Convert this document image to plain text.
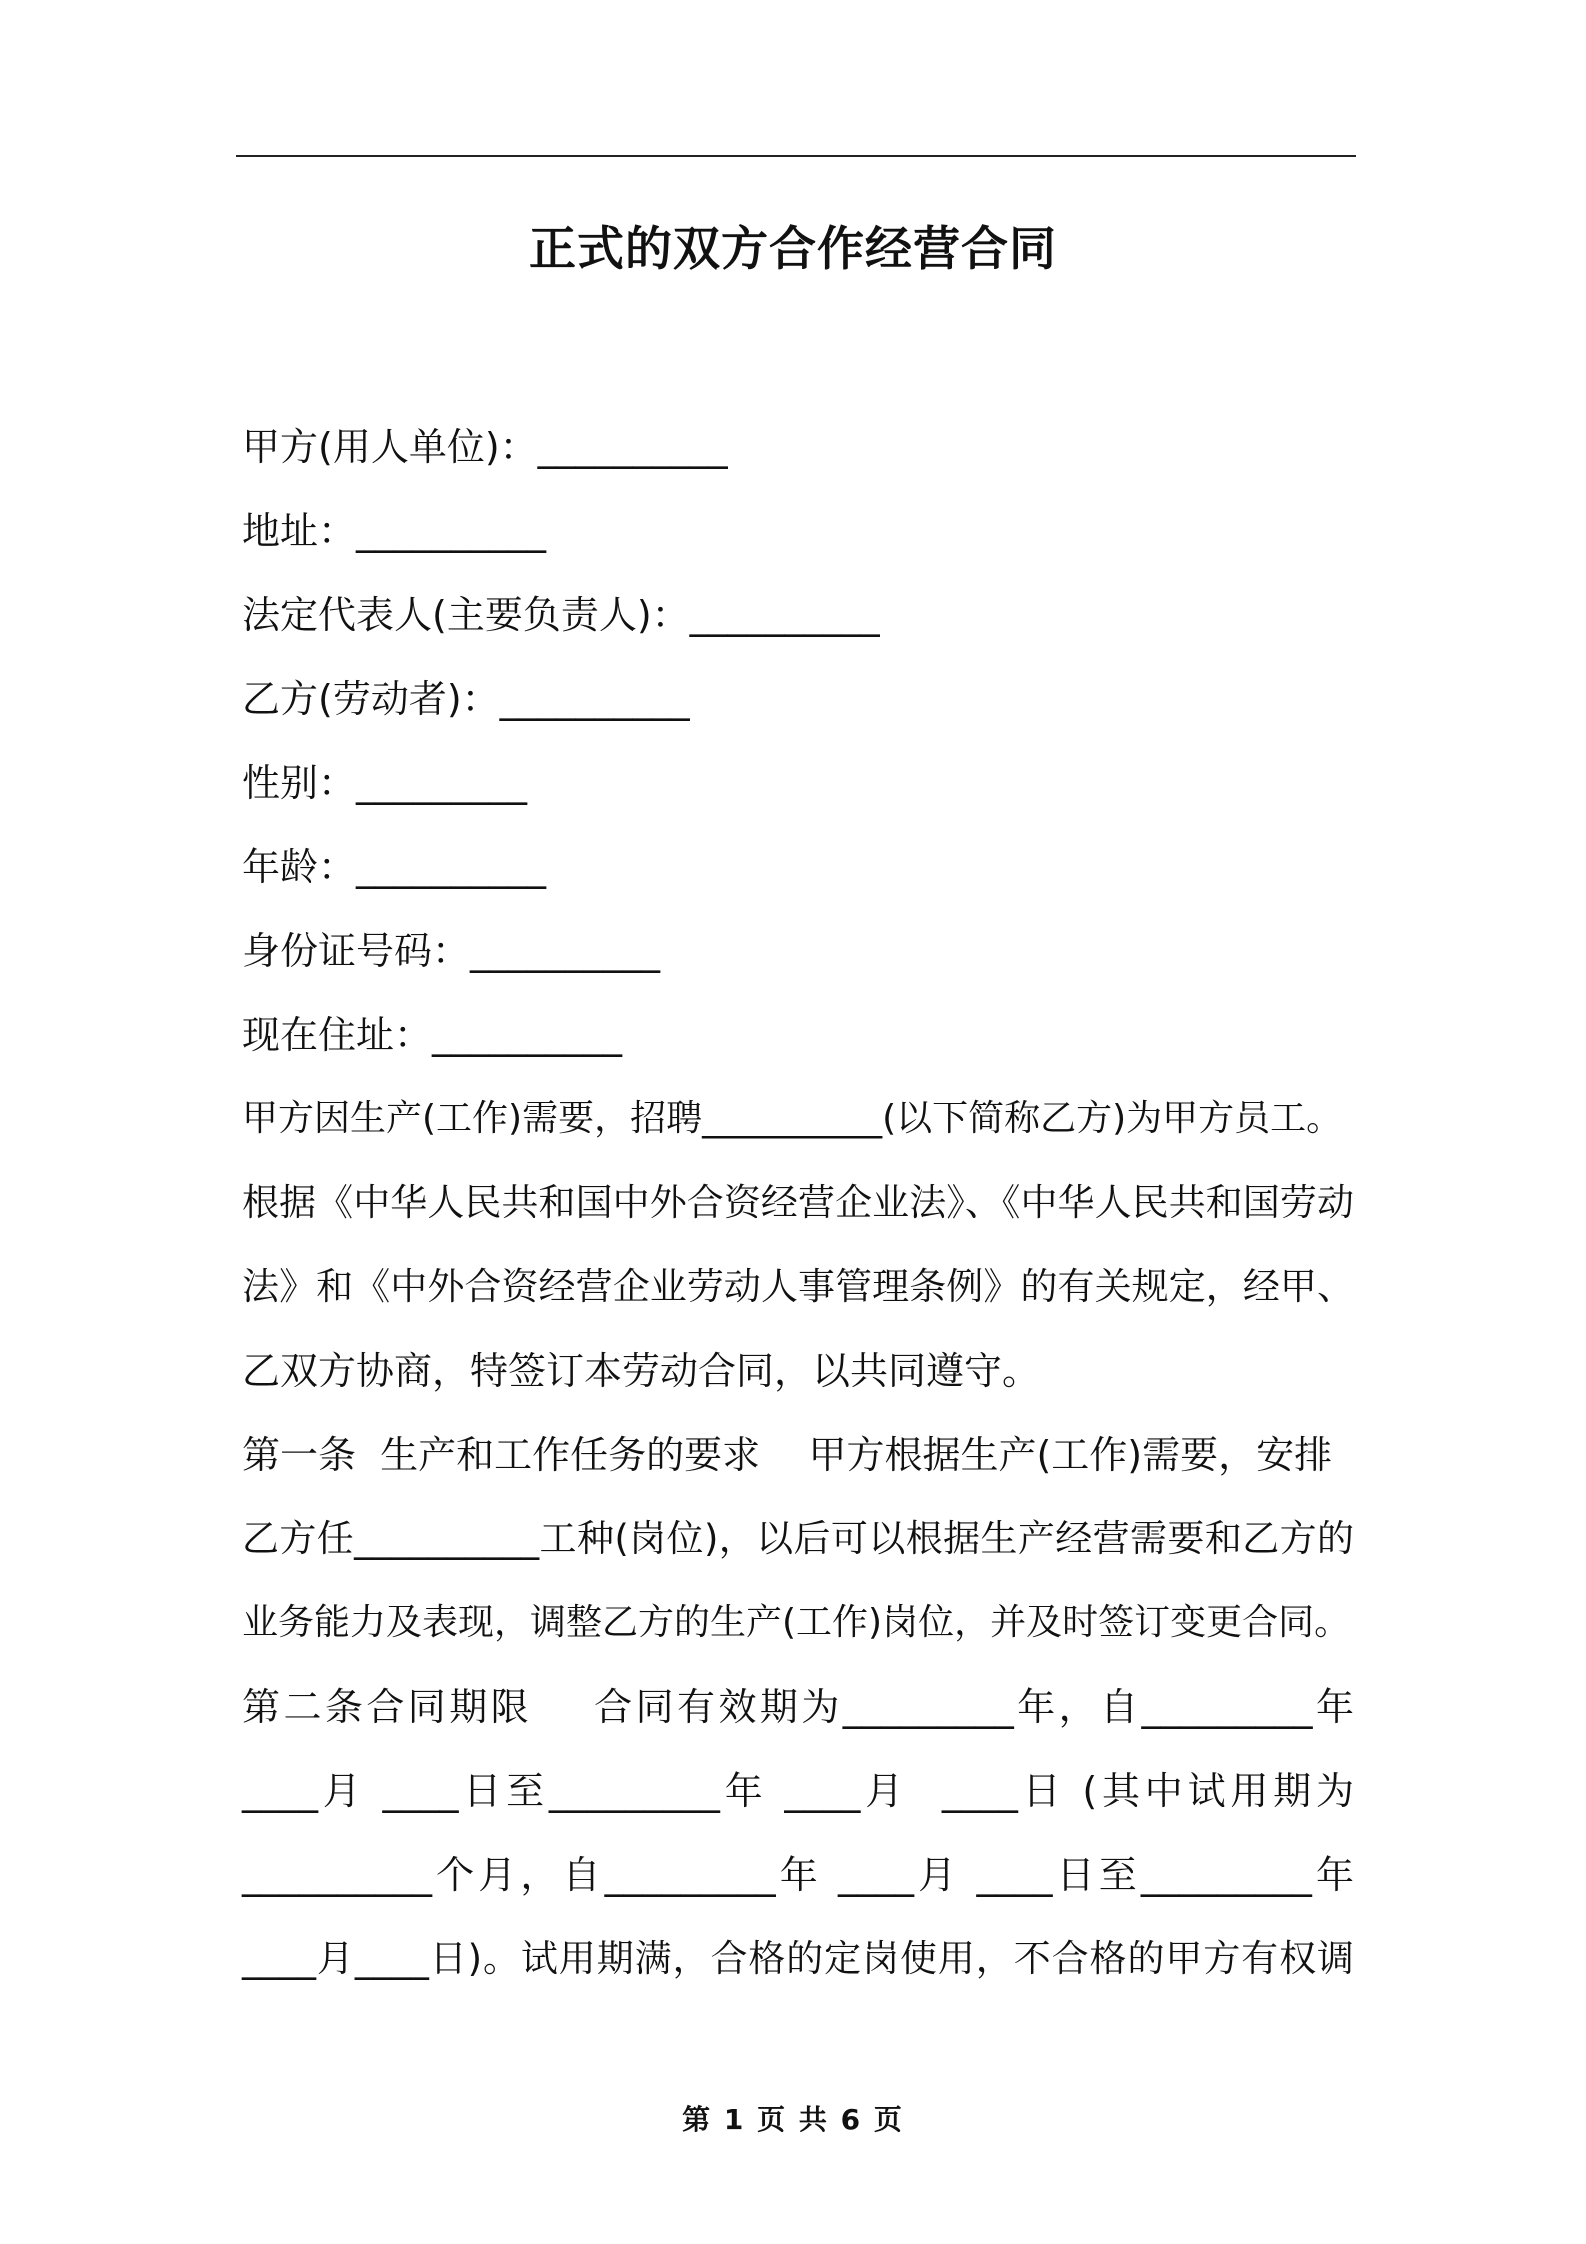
正式的双方合作经营合同
甲方(用人单位)：__________
地址：__________
法定代表人(主要负责人)：__________
乙方(劳动者)：__________
性别：_________
年龄：__________
身份证号码：__________
现在住址：__________
甲方因生产(工作)需要，招聘__________(以下简称乙方)为甲方员工。
根据《中华人民共和国中外合资经营企业法》、《中华人民共和国劳动
法》和《中外合资经营企业劳动人事管理条例》的有关规定，经甲、
乙双方协商，特签订本劳动合同，以共同遵守。
第一条  生产和工作任务的要求    甲方根据生产(工作)需要，安排
乙方任__________工种(岗位)，以后可以根据生产经营需要和乙方的
业务能力及表现，调整乙方的生产(工作)岗位，并及时签订变更合同。
第二条合同期限    合同有效期为_________年，自_________年
____月 ____日至_________年 ____月  ____日 (其中试用期为
__________个月，自_________年 ____月 ____日至_________年
____月____日)。试用期满，合格的定岗使用，不合格的甲方有权调
第 1 页 共 6 页
